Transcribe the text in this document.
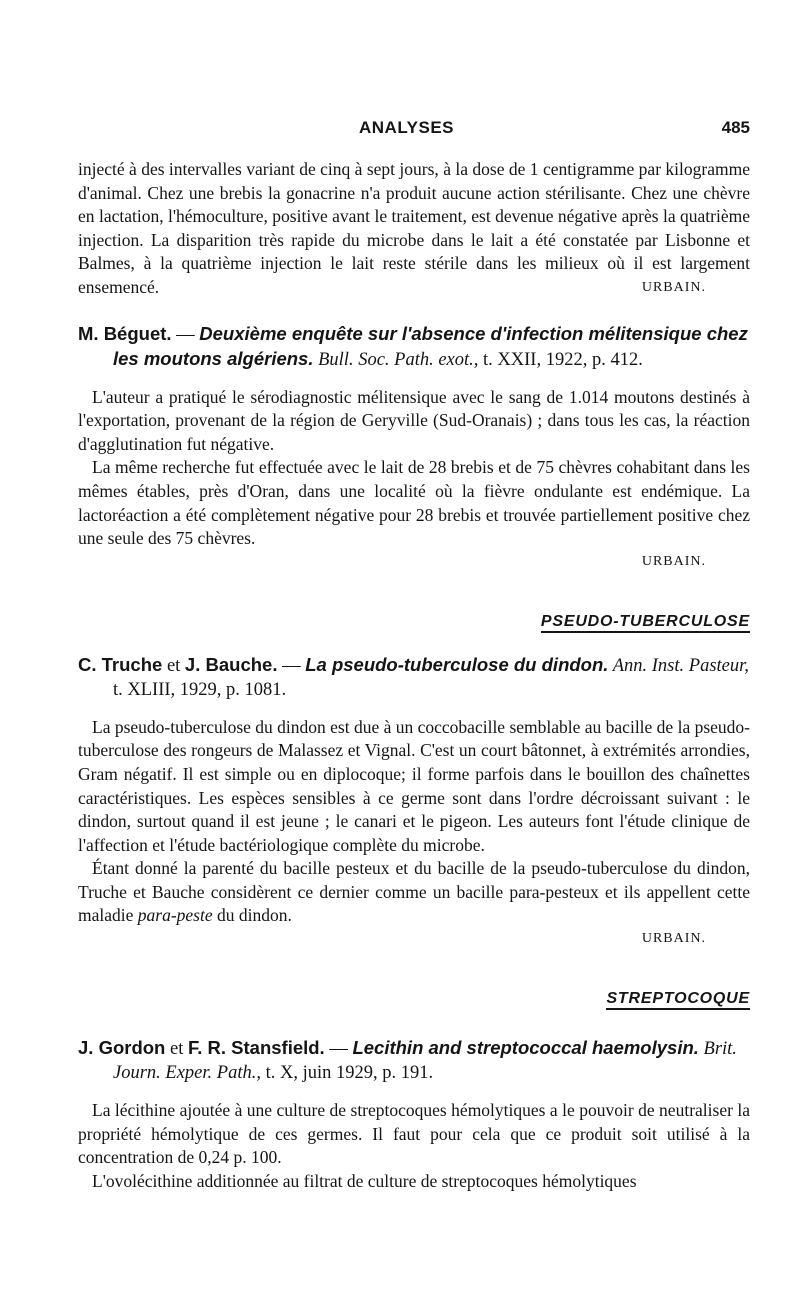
ANALYSES	485

injecté à des intervalles variant de cinq à sept jours, à la dose de 1 centigramme par kilogramme d'animal. Chez une brebis la gonacrine n'a produit aucune action stérilisante. Chez une chèvre en lactation, l'hémoculture, positive avant le traitement, est devenue négative après la quatrième injection. La disparition très rapide du microbe dans le lait a été constatée par Lisbonne et Balmes, à la quatrième injection le lait reste stérile dans les milieux où il est largement ensemencé.	URBAIN.

M. Béguet. — Deuxième enquête sur l'absence d'infection mélitensique chez les moutons algériens. Bull. Soc. Path. exot., t. XXII, 1922, p. 412.

L'auteur a pratiqué le sérodiagnostic mélitensique avec le sang de 1.014 moutons destinés à l'exportation, provenant de la région de Geryville (Sud-Oranais) ; dans tous les cas, la réaction d'agglutination fut négative.

La même recherche fut effectuée avec le lait de 28 brebis et de 75 chèvres cohabitant dans les mêmes étables, près d'Oran, dans une localité où la fièvre ondulante est endémique. La lactoréaction a été complètement négative pour 28 brebis et trouvée partiellement positive chez une seule des 75 chèvres.

URBAIN.
PSEUDO-TUBERCULOSE
C. Truche et J. Bauche. — La pseudo-tuberculose du dindon. Ann. Inst. Pasteur, t. XLIII, 1929, p. 1081.

La pseudo-tuberculose du dindon est due à un coccobacille semblable au bacille de la pseudo-tuberculose des rongeurs de Malassez et Vignal. C'est un court bâtonnet, à extrémités arrondies, Gram négatif. Il est simple ou en diplocoque; il forme parfois dans le bouillon des chaînettes caractéristiques. Les espèces sensibles à ce germe sont dans l'ordre décroissant suivant : le dindon, surtout quand il est jeune ; le canari et le pigeon. Les auteurs font l'étude clinique de l'affection et l'étude bactériologique complète du microbe.

Étant donné la parenté du bacille pesteux et du bacille de la pseudo-tuberculose du dindon, Truche et Bauche considèrent ce dernier comme un bacille para-pesteux et ils appellent cette maladie para-peste du dindon.

URBAIN.
STREPTOCOQUE
J. Gordon et F. R. Stansfield. — Lecithin and streptococcal haemolysin. Brit. Journ. Exper. Path., t. X, juin 1929, p. 191.

La lécithine ajoutée à une culture de streptocoques hémolytiques a le pouvoir de neutraliser la propriété hémolytique de ces germes. Il faut pour cela que ce produit soit utilisé à la concentration de 0,24 p. 100.

L'ovolécithine additionnée au filtrat de culture de streptocoques hémolytiques
